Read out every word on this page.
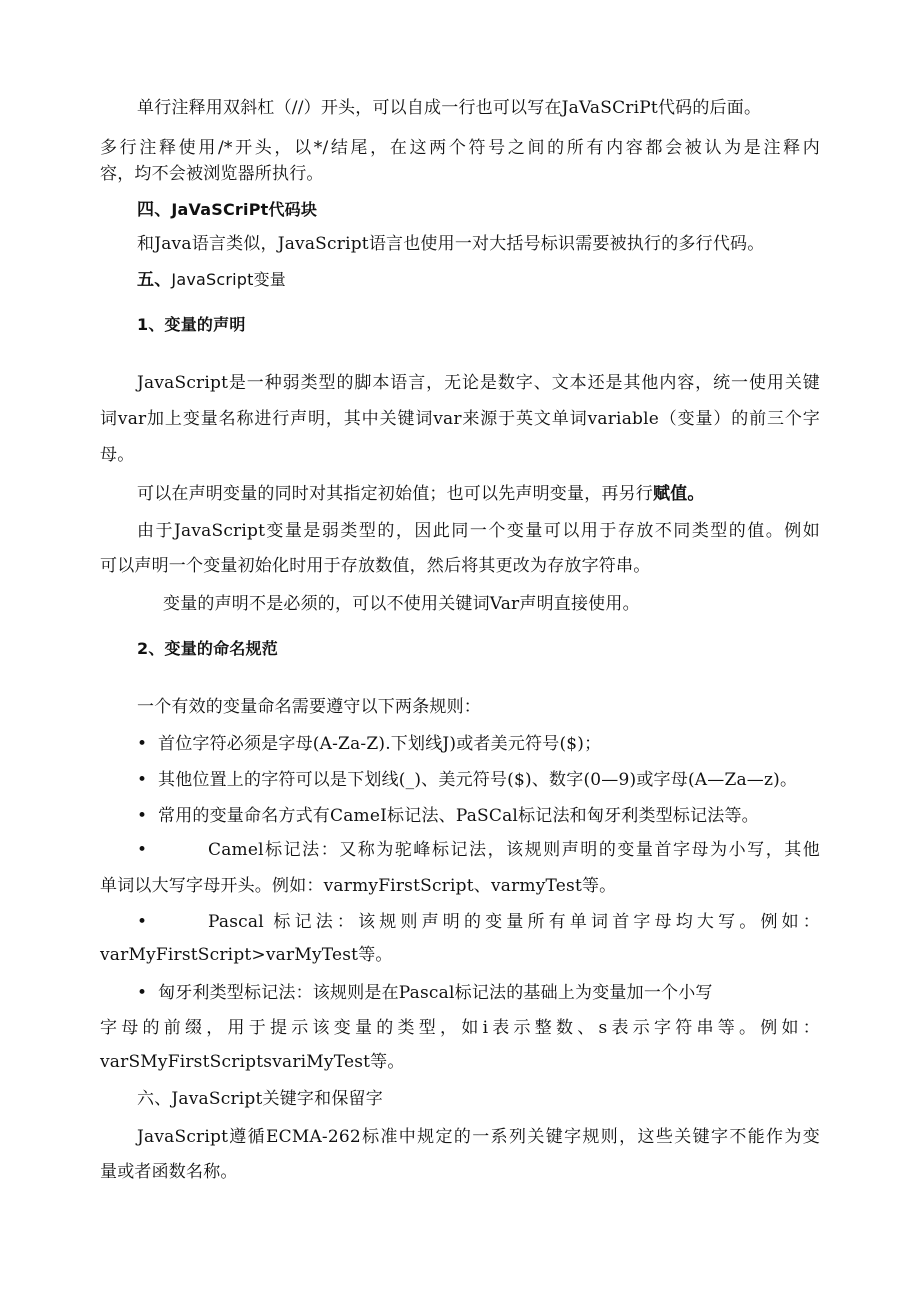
单行注释用双斜杠（//）开头，可以自成一行也可以写在JaVaSCriPt代码的后面。
多行注释使用/*开头，以*/结尾，在这两个符号之间的所有内容都会被认为是注释内
容，均不会被浏览器所执行。
四、JaVaSCriPt代码块
和Java语言类似，JavaScript语言也使用一对大括号标识需要被执行的多行代码。
五、JavaScript变量
1、变量的声明
JavaScript是一种弱类型的脚本语言，无论是数字、文本还是其他内容，统一使用关键
词var加上变量名称进行声明，其中关键词var来源于英文单词variable（变量）的前三个字
母。
可以在声明变量的同时对其指定初始值；也可以先声明变量，再另行赋值。
由于JavaScript变量是弱类型的，因此同一个变量可以用于存放不同类型的值。例如
可以声明一个变量初始化时用于存放数值，然后将其更改为存放字符串。
变量的声明不是必须的，可以不使用关键词Var声明直接使用。
2、变量的命名规范
一个有效的变量命名需要遵守以下两条规则：
• 首位字符必须是字母(A-Za-Z).下划线J)或者美元符号($)；
• 其他位置上的字符可以是下划线(_)、美元符号($)、数字(0—9)或字母(A—Za—z)。
• 常用的变量命名方式有CameI标记法、PaSCal标记法和匈牙利类型标记法等。
•	Camel标记法：又称为驼峰标记法，该规则声明的变量首字母为小写，其他
单词以大写字母开头。例如：varmyFirstScript、varmyTest等。
•	Pascal 标记法：该规则声明的变量所有单词首字母均大写。例如：
varMyFirstScript>varMyTest等。
• 匈牙利类型标记法：该规则是在Pascal标记法的基础上为变量加一个小写
字母的前缀，用于提示该变量的类型，如i表示整数、s表示字符串等。例如：
varSMyFirstScriptsvariMyTest等。
六、JavaScript关键字和保留字
JavaScript遵循ECMA-262标准中规定的一系列关键字规则，这些关键字不能作为变
量或者函数名称。
